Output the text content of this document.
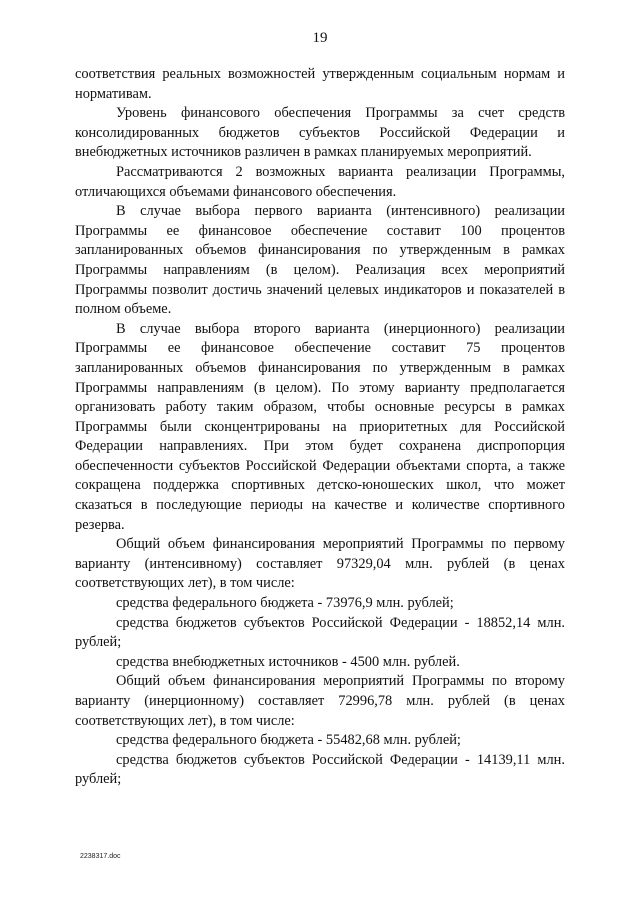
19

соответствия реальных возможностей утвержденным социальным нормам и нормативам.

Уровень финансового обеспечения Программы за счет средств консолидированных бюджетов субъектов Российской Федерации и внебюджетных источников различен в рамках планируемых мероприятий.

Рассматриваются 2 возможных варианта реализации Программы, отличающихся объемами финансового обеспечения.

В случае выбора первого варианта (интенсивного) реализации Программы ее финансовое обеспечение составит 100 процентов запланированных объемов финансирования по утвержденным в рамках Программы направлениям (в целом). Реализация всех мероприятий Программы позволит достичь значений целевых индикаторов и показателей в полном объеме.

В случае выбора второго варианта (инерционного) реализации Программы ее финансовое обеспечение составит 75 процентов запланированных объемов финансирования по утвержденным в рамках Программы направлениям (в целом). По этому варианту предполагается организовать работу таким образом, чтобы основные ресурсы в рамках Программы были сконцентрированы на приоритетных для Российской Федерации направлениях. При этом будет сохранена диспропорция обеспеченности субъектов Российской Федерации объектами спорта, а также сокращена поддержка спортивных детско-юношеских школ, что может сказаться в последующие периоды на качестве и количестве спортивного резерва.

Общий объем финансирования мероприятий Программы по первому варианту (интенсивному) составляет 97329,04 млн. рублей (в ценах соответствующих лет), в том числе:

средства федерального бюджета - 73976,9 млн. рублей;

средства бюджетов субъектов Российской Федерации - 18852,14 млн. рублей;

средства внебюджетных источников - 4500 млн. рублей.

Общий объем финансирования мероприятий Программы по второму варианту (инерционному) составляет 72996,78 млн. рублей (в ценах соответствующих лет), в том числе:

средства федерального бюджета - 55482,68 млн. рублей;

средства бюджетов субъектов Российской Федерации - 14139,11 млн. рублей;

2238317.doc
